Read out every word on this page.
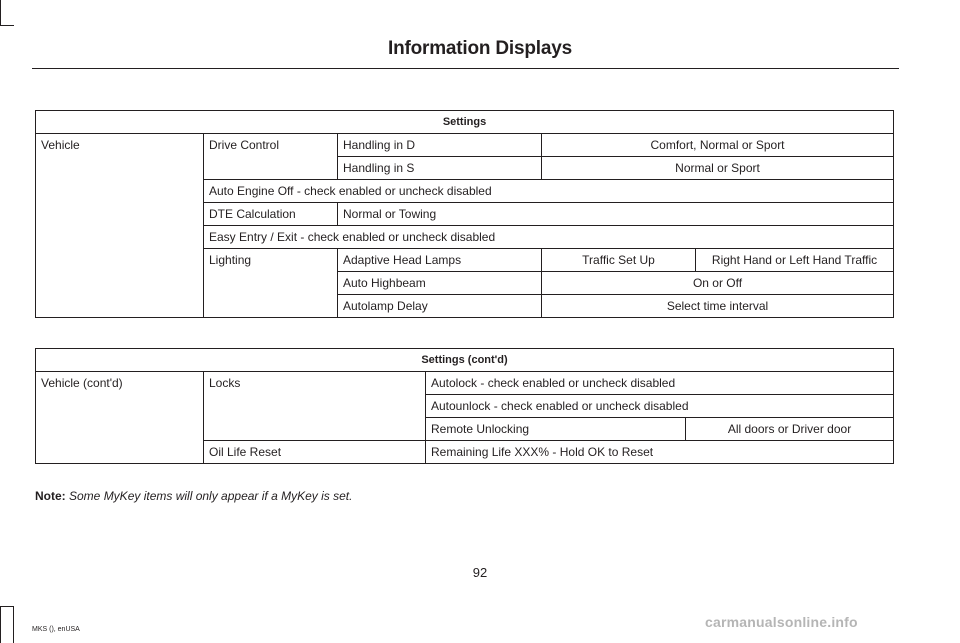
Information Displays
Settings				
Vehicle	Drive Control	Handling in D	Comfort, Normal or Sport	
		Handling in S	Normal or Sport	
	Auto Engine Off - check enabled or uncheck disabled			
	DTE Calculation	Normal or Towing		
	Easy Entry / Exit - check enabled or uncheck disabled			
	Lighting	Adaptive Head Lamps	Traffic Set Up	Right Hand or Left Hand Traffic
		Auto Highbeam	On or Off	
		Autolamp Delay	Select time interval	
Settings (cont'd)			
Vehicle (cont'd)	Locks	Autolock - check enabled or uncheck disabled	
		Autounlock - check enabled or uncheck disabled	
		Remote Unlocking	All doors or Driver door
	Oil Life Reset	Remaining Life XXX% - Hold OK to Reset	
Note: Some MyKey items will only appear if a MyKey is set.
92
MKS (), enUSA	carmanualsonline.info
